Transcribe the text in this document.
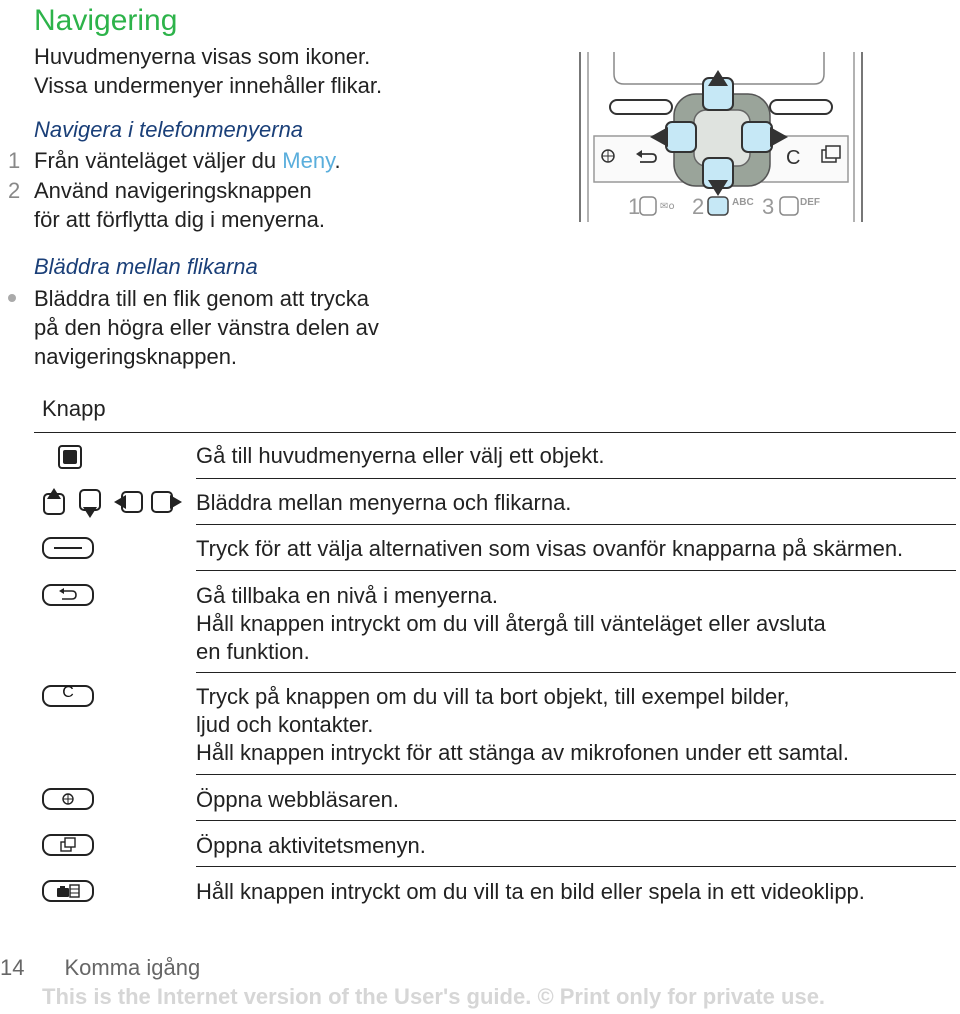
Navigering
Huvudmenyerna visas som ikoner.
Vissa undermenyer innehåller flikar.
Navigera i telefonmenyerna
1 Från vänteläget väljer du Meny.
2 Använd navigeringsknappen
för att förflytta dig i menyerna.
Bläddra mellan flikarna
Bläddra till en flik genom att trycka
på den högra eller vänstra delen av
navigeringsknappen.
C
1 ✉໐ 2	ABC 3	DEF
Knapp
Gå till huvudmenyerna eller välj ett objekt.
Bläddra mellan menyerna och flikarna.
Tryck för att välja alternativen som visas ovanför knapparna på skärmen.
Gå tillbaka en nivå i menyerna.
Håll knappen intryckt om du vill återgå till vänteläget eller avsluta
en funktion.
C	Tryck på knappen om du vill ta bort objekt, till exempel bilder,
ljud och kontakter.
Håll knappen intryckt för att stänga av mikrofonen under ett samtal.
Öppna webbläsaren.
Öppna aktivitetsmenyn.
Håll knappen intryckt om du vill ta en bild eller spela in ett videoklipp.
14 Komma igång
This is the Internet version of the User's guide. © Print only for private use.
